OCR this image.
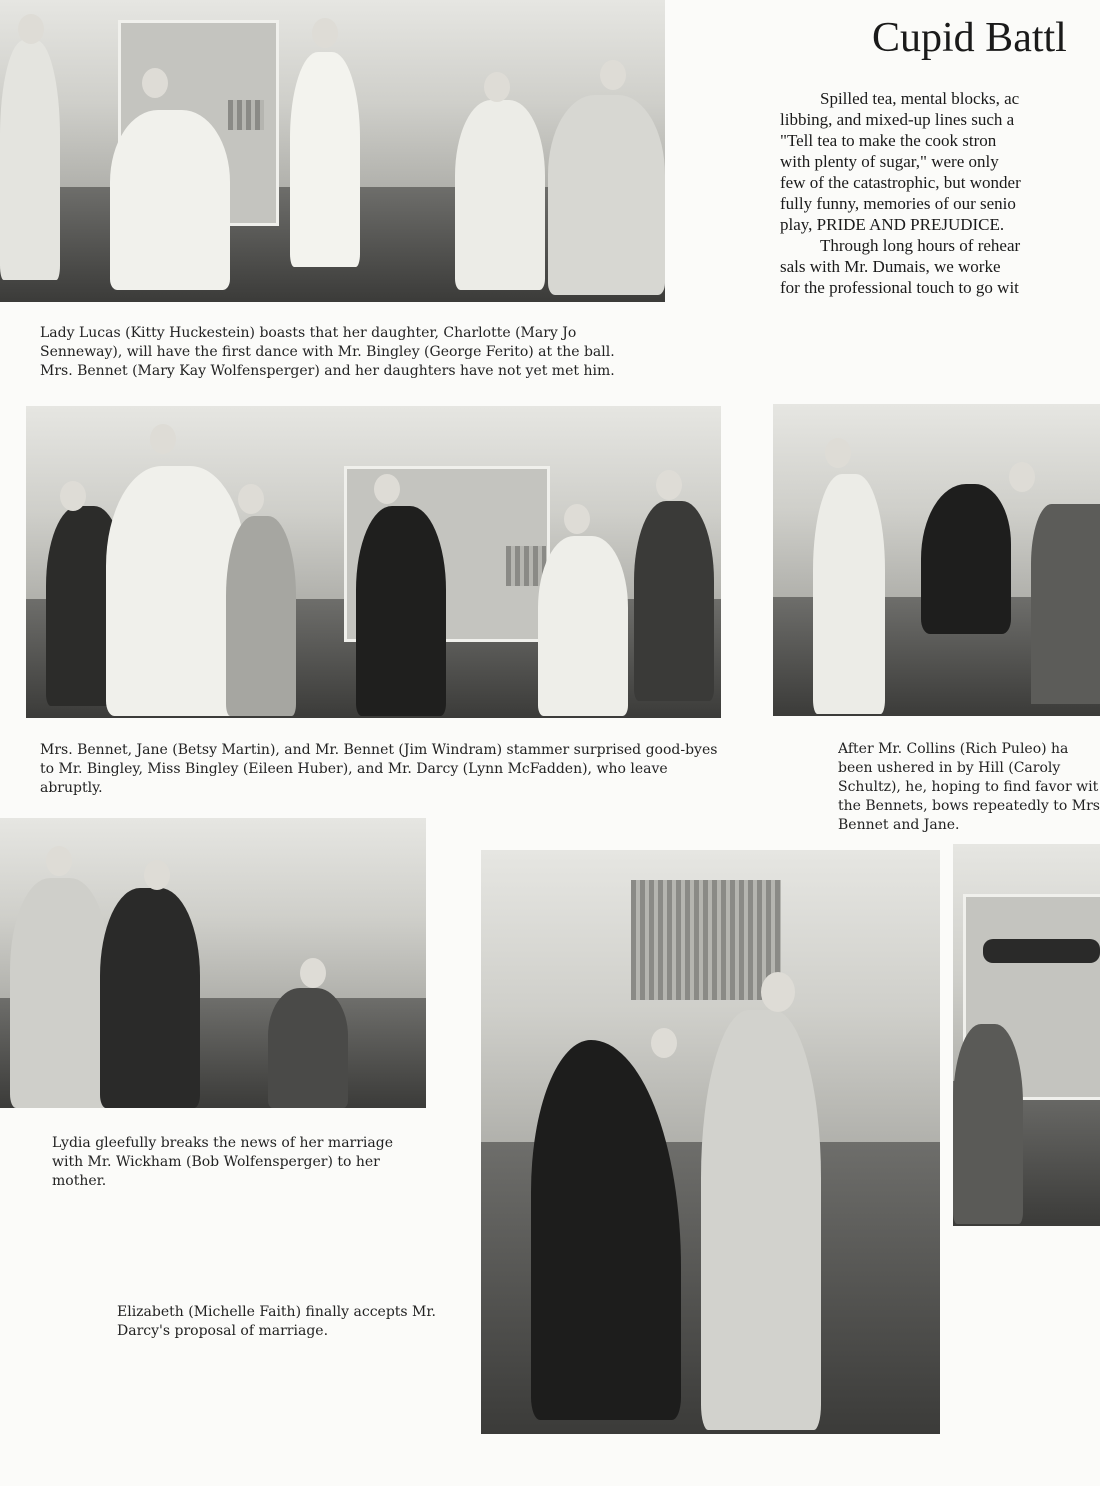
Cupid Battl
Spilled tea, mental blocks, ac
libbing, and mixed-up lines such a
"Tell tea to make the cook stron
with plenty of sugar," were only
few of the catastrophic, but wonder
fully funny, memories of our senio
play, PRIDE AND PREJUDICE.
Through long hours of rehear
sals with Mr. Dumais, we worke
for the professional touch to go wit
Lady Lucas (Kitty Huckestein) boasts that her daughter, Charlotte (Mary Jo Senneway), will have the first dance with Mr. Bingley (George Ferito) at the ball. Mrs. Bennet (Mary Kay Wolfensperger) and her daughters have not yet met him.
Mrs. Bennet, Jane (Betsy Martin), and Mr. Bennet (Jim Windram) stammer surprised good-byes to Mr. Bingley, Miss Bingley (Eileen Huber), and Mr. Darcy (Lynn McFadden), who leave abruptly.
After Mr. Collins (Rich Puleo) ha
been ushered in by Hill (Caroly
Schultz), he, hoping to find favor wit
the Bennets, bows repeatedly to Mrs
Bennet and Jane.
Lydia gleefully breaks the news of her marriage with Mr. Wickham (Bob Wolfensperger) to her mother.
Elizabeth (Michelle Faith) finally accepts Mr. Darcy's proposal of marriage.
